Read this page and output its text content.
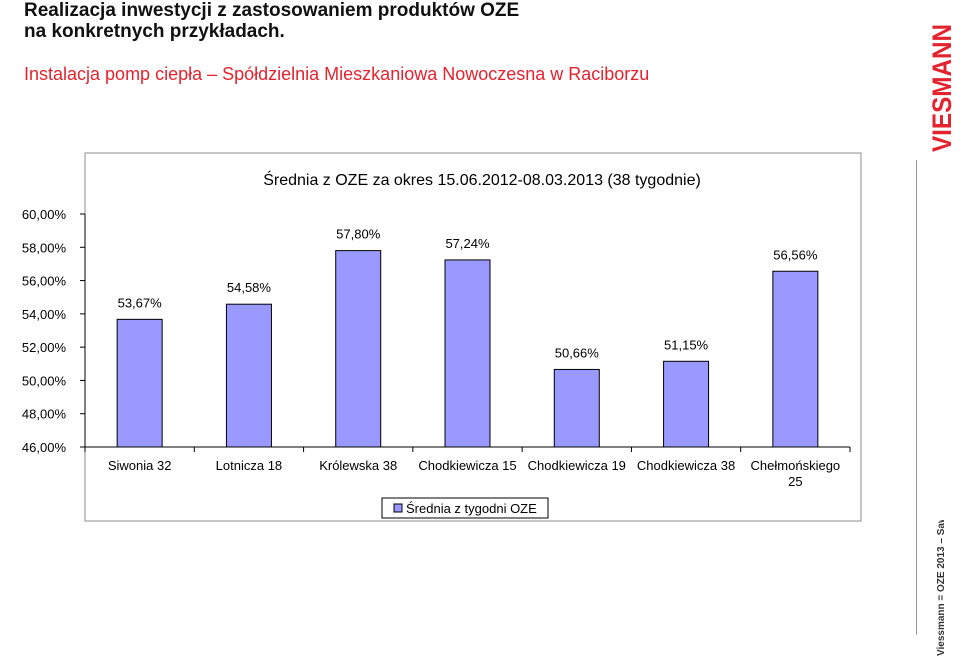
Realizacja inwestycji z zastosowaniem produktów OZE
na konkretnych przykładach.
Instalacja pomp ciepła – Spółdzielnia Mieszkaniowa Nowoczesna w Raciborzu	VIESMANN
Viessmann = OZE 2013 – Saw
Średnia z OZE za okres 15.06.2012-08.03.2013 (38 tygodnie)
60,00%
58,00%
56,00%
54,00%
52,00%
50,00%
48,00%
46,00%
53,67%
54,58%
57,80%
57,24%
50,66%
51,15%
56,56%
Siwonia 32	Lotnicza 18	Królewska 38 Chodkiewicza 15 Chodkiewicza 19 Chodkiewicza 38 Chełmońskiego
25
Średnia z tygodni OZE
